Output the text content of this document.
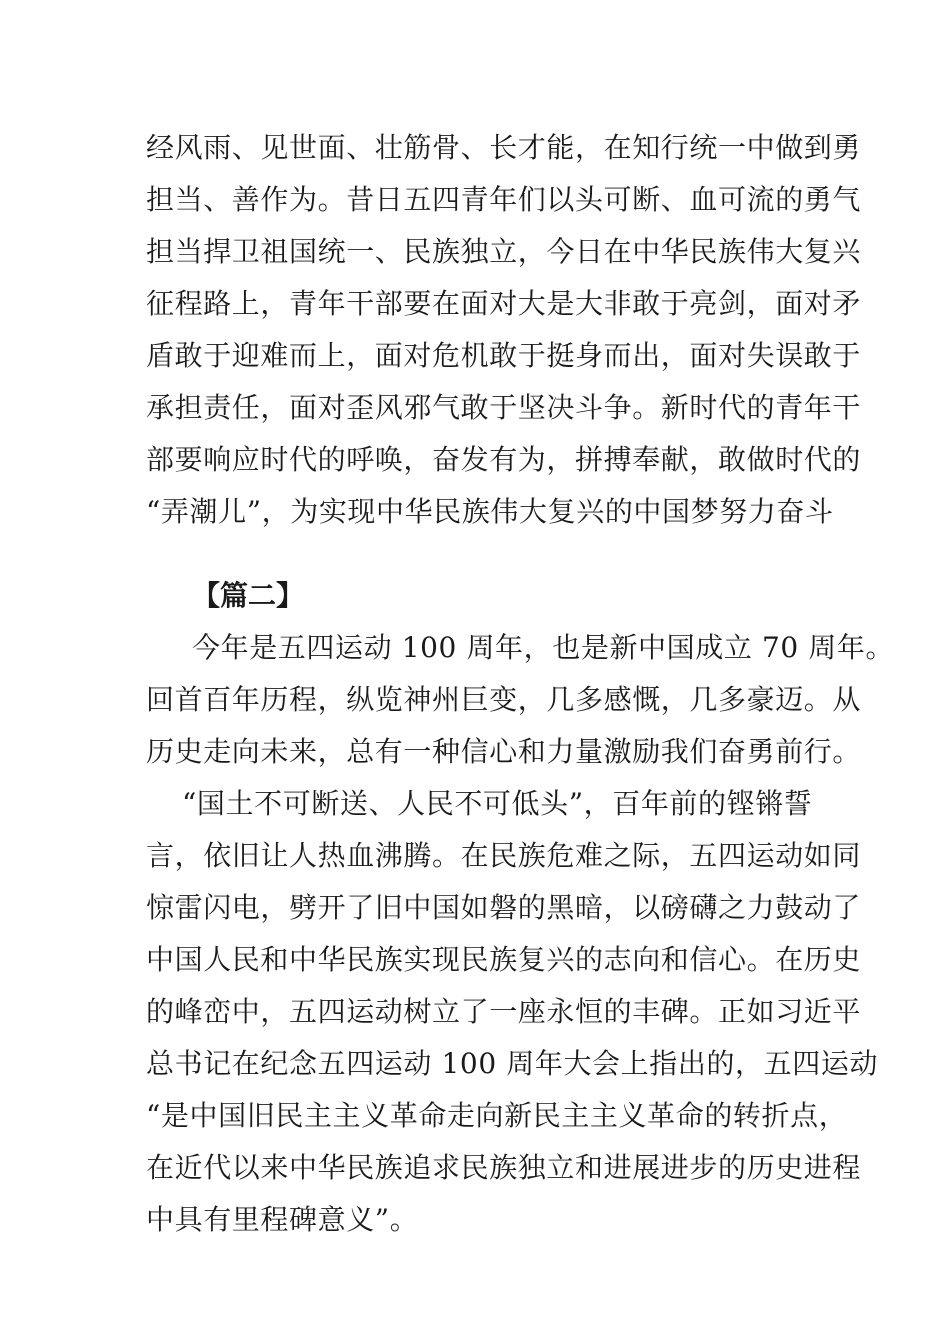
经风雨、见世面、壮筋骨、长才能，在知行统一中做到勇
担当、善作为。昔日五四青年们以头可断、血可流的勇气
担当捍卫祖国统一、民族独立，今日在中华民族伟大复兴
征程路上，青年干部要在面对大是大非敢于亮剑，面对矛
盾敢于迎难而上，面对危机敢于挺身而出，面对失误敢于
承担责任，面对歪风邪气敢于坚决斗争。新时代的青年干
部要响应时代的呼唤，奋发有为，拼搏奉献，敢做时代的
“弄潮儿”，为实现中华民族伟大复兴的中国梦努力奋斗
【篇二】
今年是五四运动 100 周年，也是新中国成立 70 周年。
回首百年历程，纵览神州巨变，几多感慨，几多豪迈。从
历史走向未来，总有一种信心和力量激励我们奋勇前行。
“国土不可断送、人民不可低头”，百年前的铿锵誓
言，依旧让人热血沸腾。在民族危难之际，五四运动如同
惊雷闪电，劈开了旧中国如磐的黑暗，以磅礴之力鼓动了
中国人民和中华民族实现民族复兴的志向和信心。在历史
的峰峦中，五四运动树立了一座永恒的丰碑。正如习近平
总书记在纪念五四运动 100 周年大会上指出的，五四运动
“是中国旧民主主义革命走向新民主主义革命的转折点，
在近代以来中华民族追求民族独立和进展进步的历史进程
中具有里程碑意义”。
